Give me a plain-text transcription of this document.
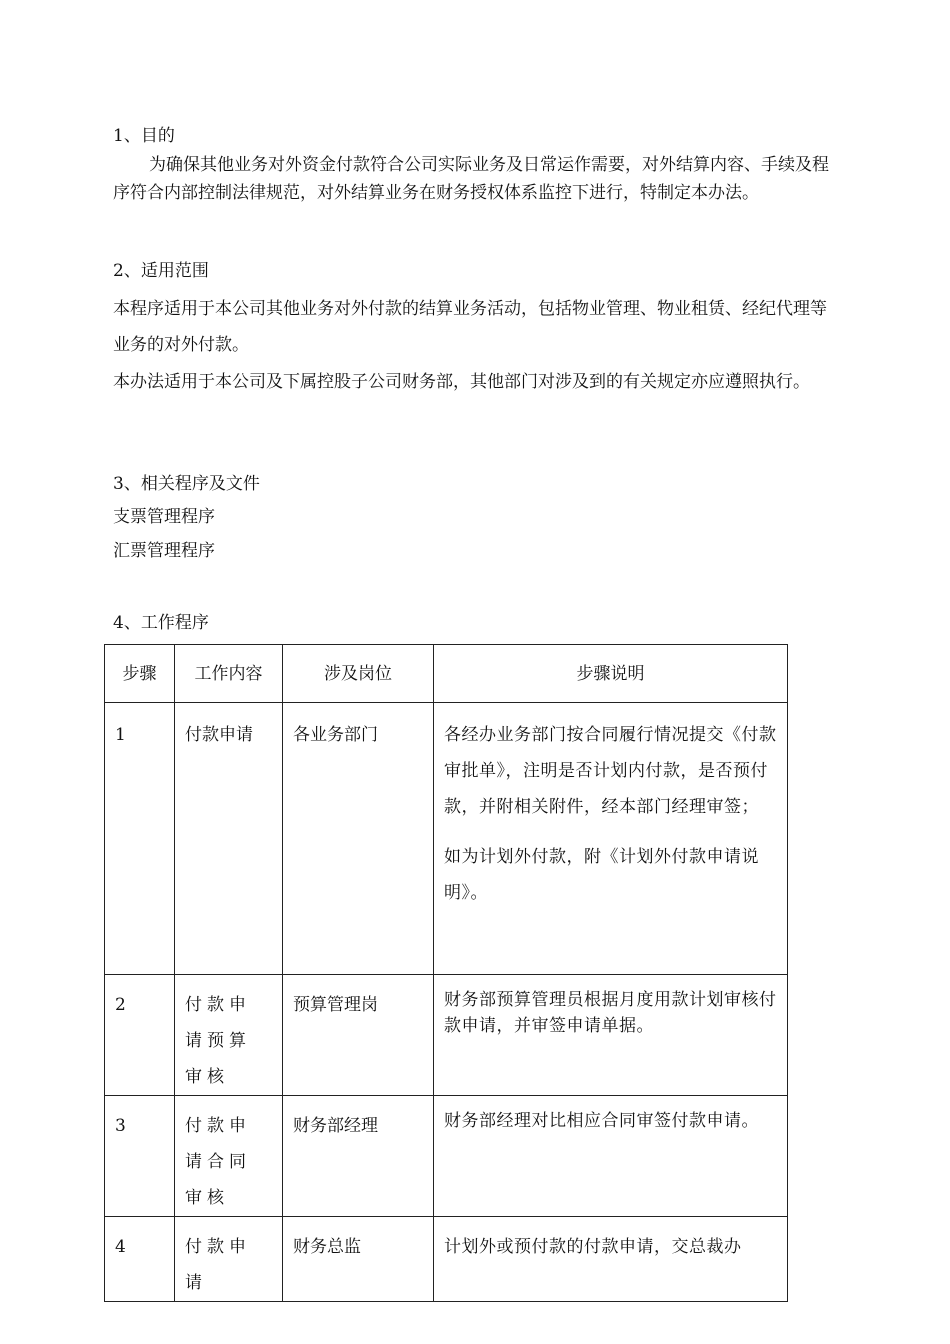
1、目的
为确保其他业务对外资金付款符合公司实际业务及日常运作需要，对外结算内容、手续及程序符合内部控制法律规范，对外结算业务在财务授权体系监控下进行，特制定本办法。
2、适用范围
本程序适用于本公司其他业务对外付款的结算业务活动，包括物业管理、物业租赁、经纪代理等业务的对外付款。
本办法适用于本公司及下属控股子公司财务部，其他部门对涉及到的有关规定亦应遵照执行。
3、相关程序及文件
支票管理程序
汇票管理程序
4、工作程序
步骤	工作内容	涉及岗位	步骤说明
1	付款申请	各业务部门	各经办业务部门按合同履行情况提交《付款审批单》，注明是否计划内付款，是否预付款，并附相关附件，经本部门经理审签；

如为计划外付款，附《计划外付款申请说明》。

2	付款申请预算审核	预算管理岗	财务部预算管理员根据月度用款计划审核付款申请，并审签申请单据。

3	付款申请合同审核	财务部经理	财务部经理对比相应合同审签付款申请。

4	付款申请	财务总监	计划外或预付款的付款申请，交总裁办
